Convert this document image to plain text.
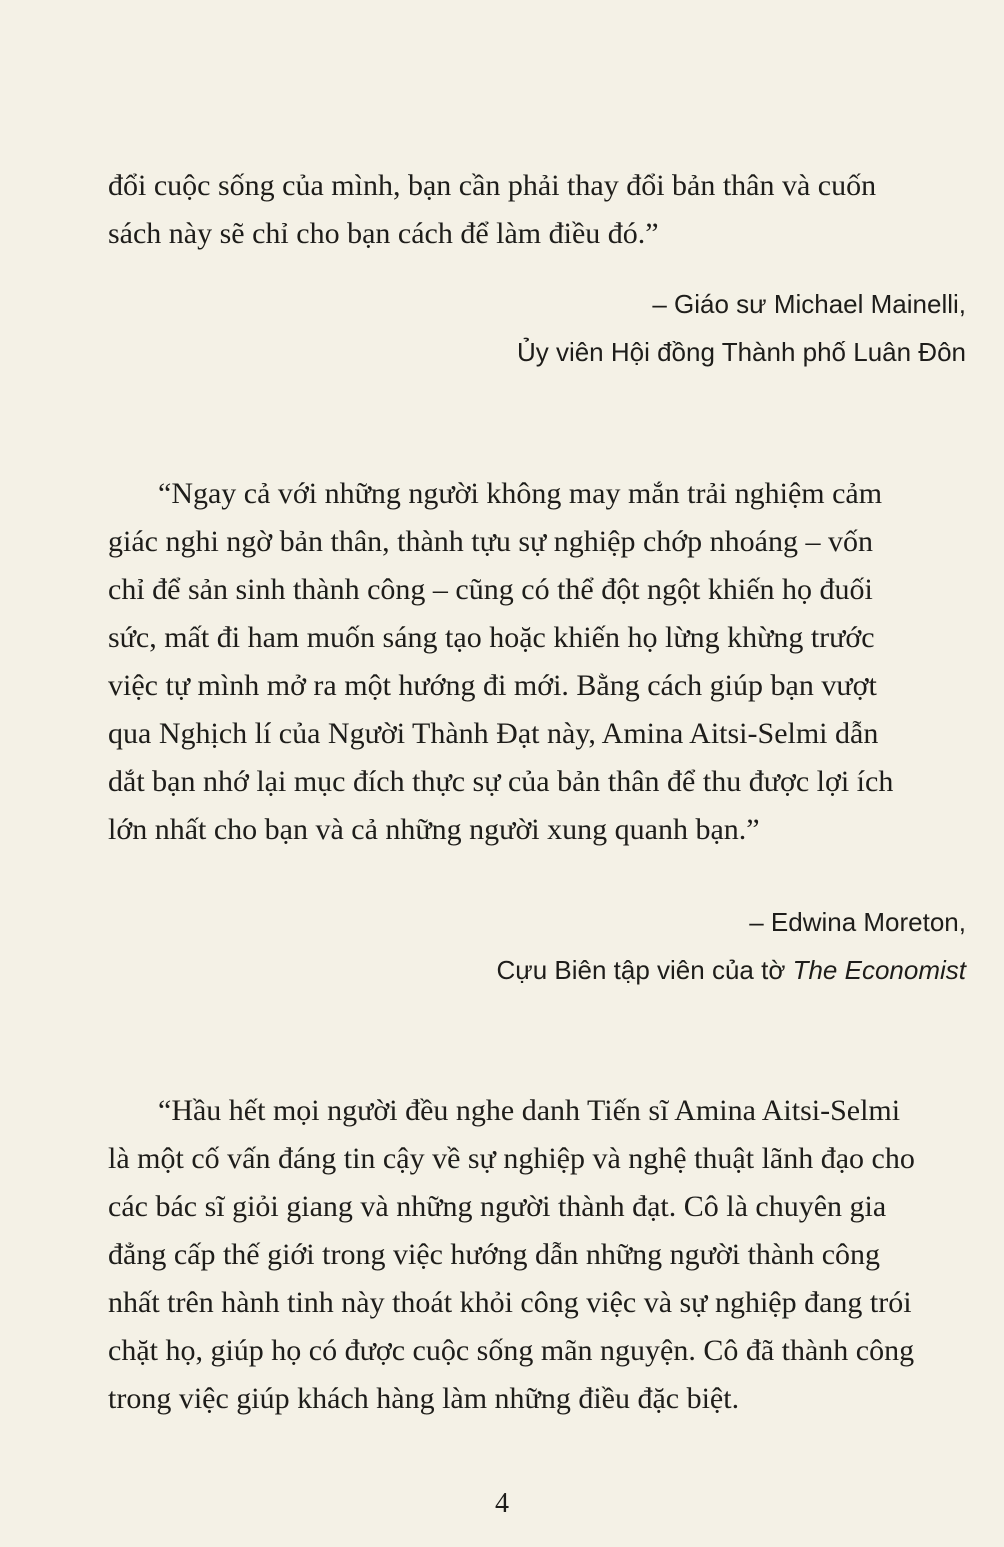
đổi cuộc sống của mình, bạn cần phải thay đổi bản thân và cuốn
sách này sẽ chỉ cho bạn cách để làm điều đó.”
– Giáo sư Michael Mainelli,
Ủy viên Hội đồng Thành phố Luân Đôn
“Ngay cả với những người không may mắn trải nghiệm cảm
giác nghi ngờ bản thân, thành tựu sự nghiệp chớp nhoáng – vốn
chỉ để sản sinh thành công – cũng có thể đột ngột khiến họ đuối
sức, mất đi ham muốn sáng tạo hoặc khiến họ lừng khừng trước
việc tự mình mở ra một hướng đi mới. Bằng cách giúp bạn vượt
qua Nghịch lí của Người Thành Đạt này, Amina Aitsi-Selmi dẫn
dắt bạn nhớ lại mục đích thực sự của bản thân để thu được lợi ích
lớn nhất cho bạn và cả những người xung quanh bạn.”
– Edwina Moreton,
Cựu Biên tập viên của tờ The Economist
“Hầu hết mọi người đều nghe danh Tiến sĩ Amina Aitsi-Selmi
là một cố vấn đáng tin cậy về sự nghiệp và nghệ thuật lãnh đạo cho
các bác sĩ giỏi giang và những người thành đạt. Cô là chuyên gia
đẳng cấp thế giới trong việc hướng dẫn những người thành công
nhất trên hành tinh này thoát khỏi công việc và sự nghiệp đang trói
chặt họ, giúp họ có được cuộc sống mãn nguyện. Cô đã thành công
trong việc giúp khách hàng làm những điều đặc biệt.
4
